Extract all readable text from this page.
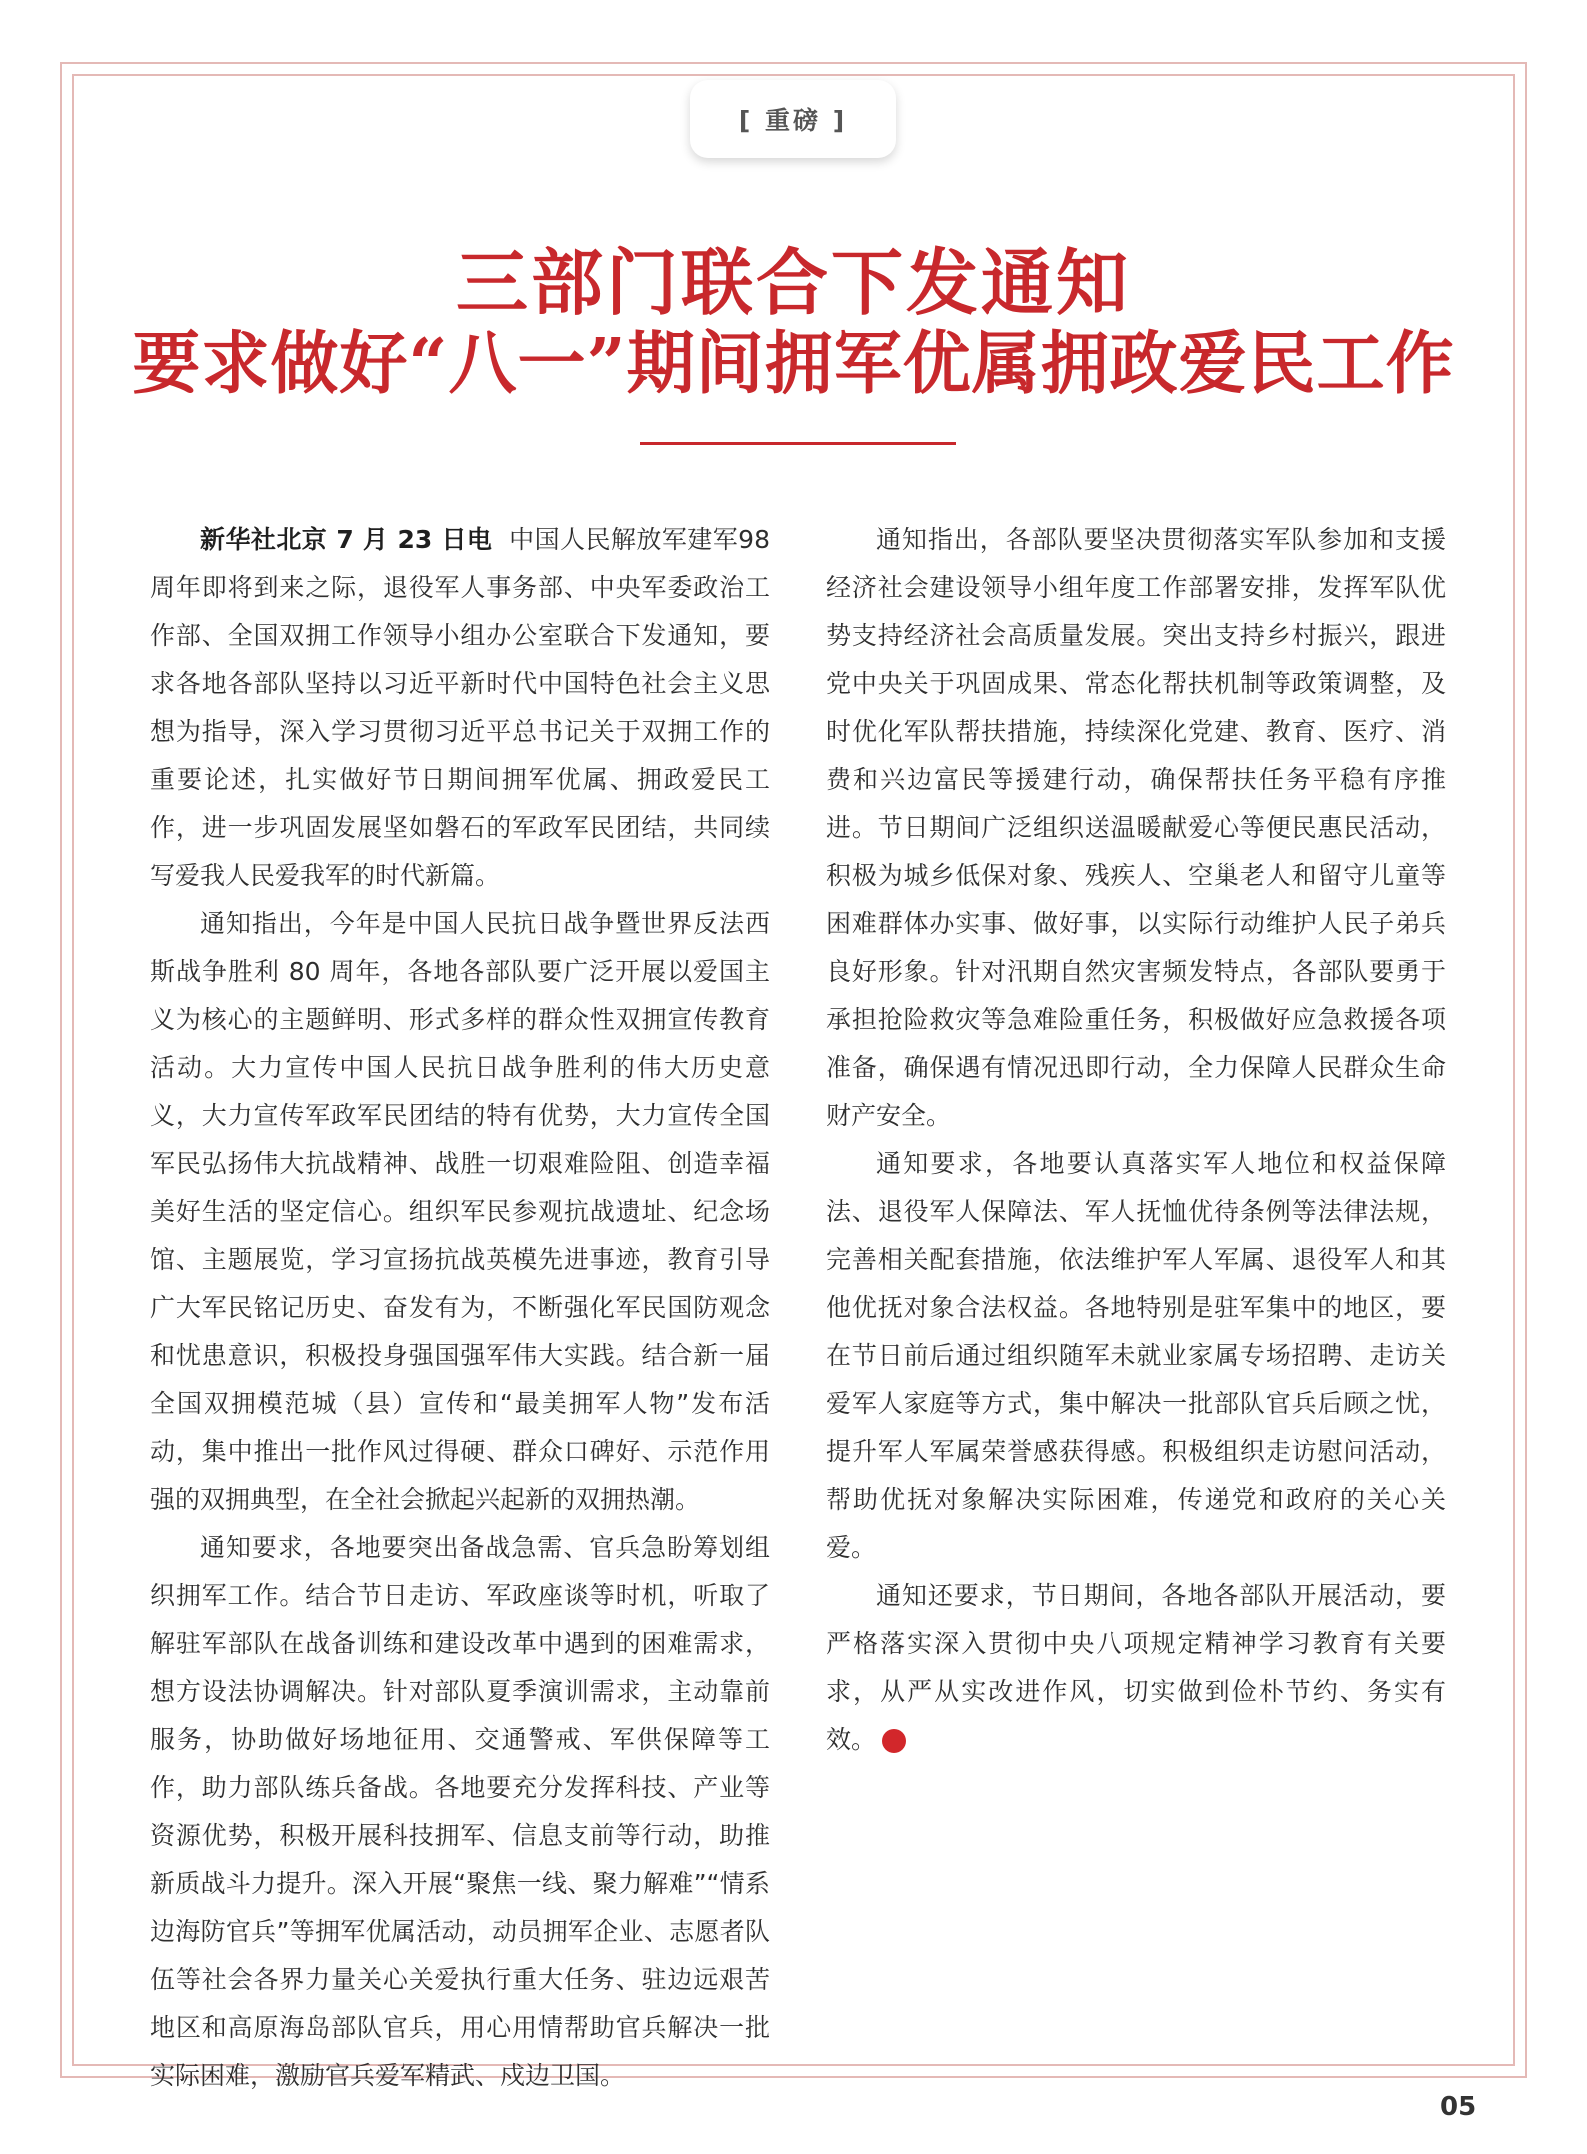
[ 重磅 ]
三部门联合下发通知
要求做好“八一”期间拥军优属拥政爱民工作

新华社北京 7 月 23 日电 中国人民解放军建军98 周年即将到来之际，退役军人事务部、中央军委政治工作部、全国双拥工作领导小组办公室联合下发通知，要求各地各部队坚持以习近平新时代中国特色社会主义思想为指导，深入学习贯彻习近平总书记关于双拥工作的重要论述，扎实做好节日期间拥军优属、拥政爱民工作，进一步巩固发展坚如磐石的军政军民团结，共同续写爱我人民爱我军的时代新篇。

通知指出，今年是中国人民抗日战争暨世界反法西斯战争胜利 80 周年，各地各部队要广泛开展以爱国主义为核心的主题鲜明、形式多样的群众性双拥宣传教育活动。大力宣传中国人民抗日战争胜利的伟大历史意义，大力宣传军政军民团结的特有优势，大力宣传全国军民弘扬伟大抗战精神、战胜一切艰难险阻、创造幸福美好生活的坚定信心。组织军民参观抗战遗址、纪念场馆、主题展览，学习宣扬抗战英模先进事迹，教育引导广大军民铭记历史、奋发有为，不断强化军民国防观念和忧患意识，积极投身强国强军伟大实践。结合新一届全国双拥模范城（县）宣传和“最美拥军人物”发布活动，集中推出一批作风过得硬、群众口碑好、示范作用强的双拥典型，在全社会掀起兴起新的双拥热潮。

通知要求，各地要突出备战急需、官兵急盼筹划组织拥军工作。结合节日走访、军政座谈等时机，听取了解驻军部队在战备训练和建设改革中遇到的困难需求，想方设法协调解决。针对部队夏季演训需求，主动靠前服务，协助做好场地征用、交通警戒、军供保障等工作，助力部队练兵备战。各地要充分发挥科技、产业等资源优势，积极开展科技拥军、信息支前等行动，助推新质战斗力提升。深入开展“聚焦一线、聚力解难”“情系边海防官兵”等拥军优属活动，动员拥军企业、志愿者队伍等社会各界力量关心关爱执行重大任务、驻边远艰苦地区和高原海岛部队官兵，用心用情帮助官兵解决一批实际困难，激励官兵爱军精武、戍边卫国。

通知指出，各部队要坚决贯彻落实军队参加和支援经济社会建设领导小组年度工作部署安排，发挥军队优势支持经济社会高质量发展。突出支持乡村振兴，跟进党中央关于巩固成果、常态化帮扶机制等政策调整，及时优化军队帮扶措施，持续深化党建、教育、医疗、消费和兴边富民等援建行动，确保帮扶任务平稳有序推进。节日期间广泛组织送温暖献爱心等便民惠民活动，积极为城乡低保对象、残疾人、空巢老人和留守儿童等困难群体办实事、做好事，以实际行动维护人民子弟兵良好形象。针对汛期自然灾害频发特点，各部队要勇于承担抢险救灾等急难险重任务，积极做好应急救援各项准备，确保遇有情况迅即行动，全力保障人民群众生命财产安全。

通知要求，各地要认真落实军人地位和权益保障法、退役军人保障法、军人抚恤优待条例等法律法规，完善相关配套措施，依法维护军人军属、退役军人和其他优抚对象合法权益。各地特别是驻军集中的地区，要在节日前后通过组织随军未就业家属专场招聘、走访关爱军人家庭等方式，集中解决一批部队官兵后顾之忧，提升军人军属荣誉感获得感。积极组织走访慰问活动，帮助优抚对象解决实际困难，传递党和政府的关心关爱。

通知还要求，节日期间，各地各部队开展活动，要严格落实深入贯彻中央八项规定精神学习教育有关要求，从严从实改进作风，切实做到俭朴节约、务实有效。	N

05
